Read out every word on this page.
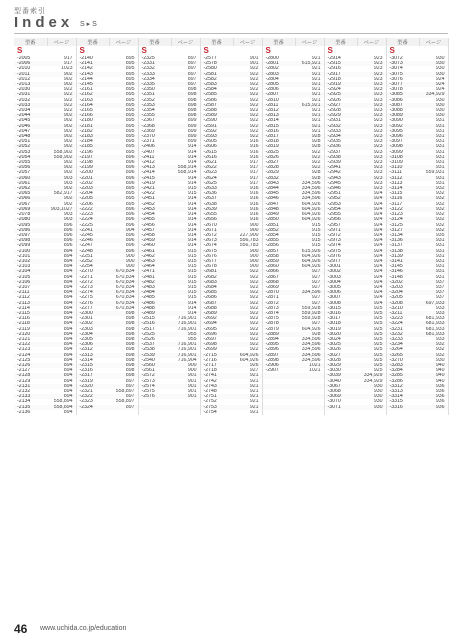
型番索引
Index S ▸ S
型番	ページ	型番	ページ	型番	ページ	型番	ページ	型番	ページ	型番	ページ	型番	ページ
S		S		S		S		S		S		S	
-2005	917	-2140	895	-2325	897	-2577	901	-2800	921	-2914	923	-3072	930
-2006	917	-2141	895	-2331	897	-2578	901	-2801	615,921	-2915	923	-3073	930
-2010	1023	-2142	895	-2332	897	-2580	922	-2802	921	-2916	923	-3074	930
-2011	902	-2143	895	-2333	897	-2581	922	-2803	921	-2917	923	-3075	930
-2012	902	-2144	895	-2334	897	-2582	922	-2804	921	-2918	923	-3076	924
-2013	902	-2145	895	-2335	897	-2583	922	-2805	921	-2919	923	-3077	924
-2030	922	-2161	895	-2350	898	-2584	922	-2806	921	-2924	923	-3078	924
-2031	922	-2162	895	-2351	898	-2585	922	-2807	921	-2925	923	-3085	334,929
-2032	922	-2163	895	-2352	898	-2586	922	-2810	921	-2926	923	-3086	930
-2033	922	-2164	895	-2353	898	-2587	922	-2811	615,921	-2927	923	-3087	930
-2034	922	-2165	895	-2354	898	-2588	922	-2812	921	-2928	923	-3088	930
-2044	902	-2166	895	-2355	898	-2589	922	-2813	921	-2929	923	-3089	930
-2045	902	-2180	895	-2367	899	-2590	922	-2814	921	-2931	923	-3090	931
-2046	902	-2181	895	-2368	899	-2591	922	-2815	921	-2932	923	-3092	931
-2047	902	-2182	895	-2369	899	-2592	922	-2816	921	-2933	923	-3095	931
-2048	902	-2183	895	-2370	899	-2593	922	-2817	928	-2934	923	-3096	931
-2051	902	-2184	895	-2371	899	-2605	916	-2818	928	-2935	923	-3097	931
-2052	902	-2185	895	-2406	914	-2606	916	-2819	928	-2936	923	-3098	931
-2053	558,902	-2196	895	-2407	914	-2615	916	-2825	922	-2937	923	-3099	931
-2054	558,902	-2197	896	-2411	914	-2616	916	-2826	922	-2938	923	-3108	931
-2055	902	-2198	896	-2412	914	-2621	917	-2827	922	-2939	923	-3109	931
-2056	902	-2199	896	-2413	558,914	-2622	917	-2828	922	-2941	923	-3110	931
-2057	902	-2200	896	-2414	558,914	-2623	917	-2829	928	-2942	923	-3111	559,931
-2060	903	-2201	896	-2415	914	-2624	917	-2832	928	-2943	923	-3112	931
-2061	903	-2202	896	-2419	914	-2625	917	-2843	334,596	-2945	923	-3113	931
-2062	902	-2203	895	-2421	915	-2633	916	-2844	334,596	-2946	923	-3114	932
-2065	582,917	-2204	895	-2422	915	-2636	916	-2845	334,596	-2951	924	-3115	932
-2066	902	-2205	895	-2451	914	-2637	916	-2846	334,596	-2952	924	-3116	932
-2067	902	-2206	895	-2452	914	-2638	916	-2847	604,926	-2953	924	-3117	932
-2069	903,1027	-2222	896	-2453	914	-2639	916	-2848	604,926	-2954	924	-3122	932
-2078	903	-2223	896	-2454	914	-2655	916	-2849	604,926	-2955	924	-3123	932
-2080	903	-2224	896	-2455	914	-2656	916	-2850	604,926	-2956	924	-3124	932
-2095	896	-2225	896	-2456	914	-2670	900	-2851	915	-2957	924	-3125	932
-2096	896	-2241	904	-2457	914	-2671	900	-2852	915	-2971	924	-3127	932
-2097	896	-2245	896	-2458	914	-2672	227,900	-2854	915	-2972	924	-3134	935
-2098	896	-2246	896	-2459	914	-2673	556,783	-2855	915	-2973	924	-3136	931
-2099	896	-2247	896	-2460	914	-2674	556,783	-2856	915	-2974	924	-3137	931
-2100	894	-2248	896	-2461	915	-2675	900	-2857	615,926	-2975	924	-3138	931
-2101	894	-2251	900	-2462	915	-2676	900	-2858	604,926	-2976	924	-3139	931
-2102	894	-2252	900	-2463	915	-2677	900	-2859	604,926	-2977	924	-3141	931
-2103	894	-2254	900	-2464	915	-2678	900	-2860	604,926	-3001	924	-3145	931
-2104	894	-2270	670,834	-2471	915	-2681	922	-2866	927	-3002	924	-3146	931
-2105	894	-2271	670,834	-2481	915	-2682	922	-2867	927	-3003	924	-3148	931
-2106	894	-2272	670,834	-2482	915	-2683	922	-2868	927	-3004	924	-3202	937
-2107	894	-2273	670,834	-2483	915	-2684	922	-2869	927	-3005	924	-3203	937
-2111	894	-2274	670,834	-2484	915	-2685	922	-2870	334,596	-3006	924	-3204	937
-2112	894	-2275	670,834	-2485	915	-2686	922	-2871	927	-3007	924	-3205	937
-2113	894	-2276	670,834	-2486	914	-2687	922	-2872	927	-3008	924	-3208	697,933
-2114	894	-2277	670,834	-2488	914	-2688	922	-2873	559,928	-3015	925	-3210	933
-2115	894	-2300	898	-2489	914	-2689	922	-2874	559,928	-3016	925	-3211	933
-2116	894	-2301	898	-2515	716,901	-2692	922	-2875	559,928	-3017	925	-3223	681,933
-2118	894	-2302	898	-2516	716,901	-2694	922	-2878	927	-3018	925	-3224	681,933
-2119	894	-2303	898	-2517	716,901	-2695	922	-2879	604,926	-3019	925	-3231	681,933
-2120	894	-2304	898	-2525	955	-2696	922	-2889	928	-3020	925	-3232	681,933
-2121	894	-2305	898	-2526	955	-2697	922	-2894	334,596	-3024	925	-3233	933
-2122	894	-2306	898	-2537	716,901	-2698	922	-2895	334,596	-3025	925	-3234	932
-2123	894	-2312	898	-2538	716,901	-2699	922	-2896	334,596	-3026	925	-3264	932
-2124	894	-2313	898	-2539	716,901	-2715	604,926	-2897	334,596	-3027	925	-3265	932
-2125	894	-2314	898	-2540	716,904	-2716	604,926	-2898	334,596	-3028	925	-3270	930
-2126	894	-2315	898	-2560	900	-2717	926	-2906	1021	-3029	925	-3283	940
-2127	894	-2316	898	-2561	900	-2718	927	-2907	1021	-3030	925	-3284	940
-2128	894	-2317	898	-2572	901	-2741	921			-3039	334,929	-3285	940
-2129	894	-2319	897	-2573	901	-2742	921			-3040	334,929	-3286	940
-2131	894	-2320	897	-2574	901	-2743	921			-3067	930	-3312	936
-2132	894	-2321	558,897	-2575	901	-2748	921			-3068	930	-3313	936
-2133	894	-2322	897	-2576	901	-2751	921			-3069	930	-3314	936
-2134	558,894	-2323	558,897			-2752	921			-3070	930	-3315	936
-2135	558,894	-2324	897			-2753	921			-3071	930	-3316	936
-2136	894					-2754	921						
46 www.uchida.co.jp/education
